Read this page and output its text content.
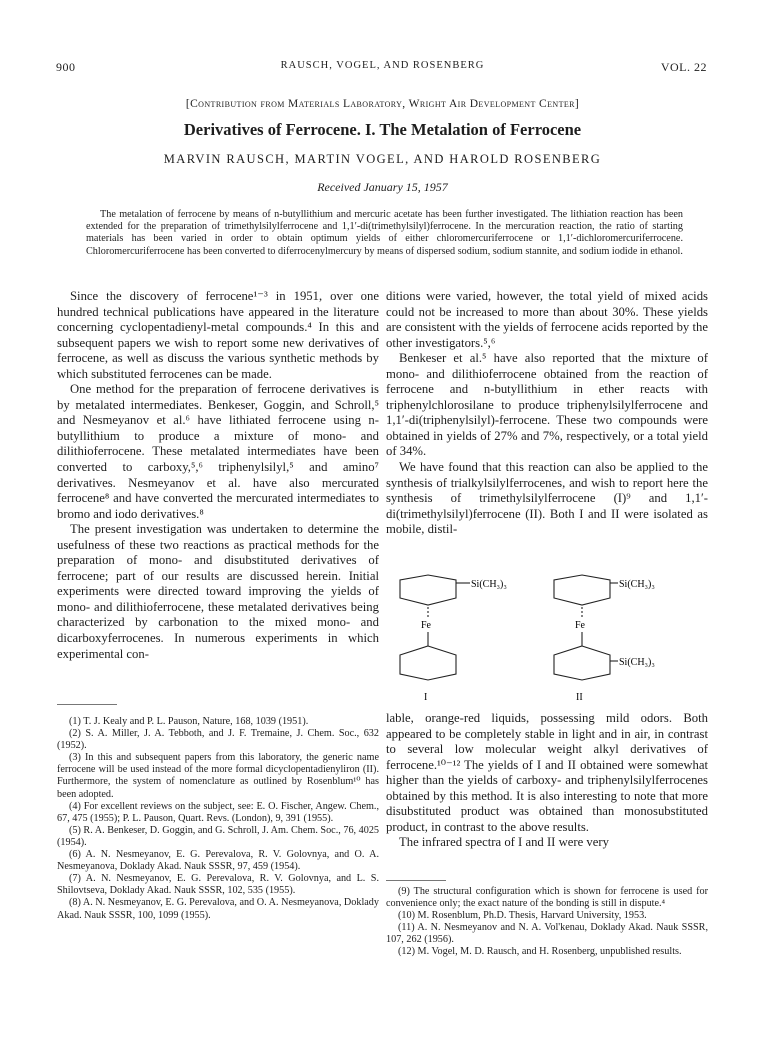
900	RAUSCH, VOGEL, AND ROSENBERG	VOL. 22
[Contribution from Materials Laboratory, Wright Air Development Center]
Derivatives of Ferrocene. I. The Metalation of Ferrocene
MARVIN RAUSCH, MARTIN VOGEL, AND HAROLD ROSENBERG
Received January 15, 1957
The metalation of ferrocene by means of n-butyllithium and mercuric acetate has been further investigated. The lithiation reaction has been extended for the preparation of trimethylsilylferrocene and 1,1′-di(trimethylsilyl)ferrocene. In the mercuration reaction, the ratio of starting materials has been varied in order to obtain optimum yields of either chloromercuriferrocene or 1,1′-dichloromercuriferrocene. Chloromercuriferrocene has been converted to diferrocenylmercury by means of dispersed sodium, sodium stannite, and sodium iodide in ethanol.

Since the discovery of ferrocene¹⁻³ in 1951, over one hundred technical publications have appeared in the literature concerning cyclopentadienyl-metal compounds.⁴ In this and subsequent papers we wish to report some new derivatives of ferrocene, as well as discuss the various synthetic methods by which substituted ferrocenes can be made.

One method for the preparation of ferrocene derivatives is by metalated intermediates. Benkeser, Goggin, and Schroll,⁵ and Nesmeyanov et al.⁶ have lithiated ferrocene using n-butyllithium to produce a mixture of mono- and dilithioferrocene. These metalated intermediates have been converted to carboxy,⁵,⁶ triphenylsilyl,⁵ and amino⁷ derivatives. Nesmeyanov et al. have also mercurated ferrocene⁸ and have converted the mercurated intermediates to bromo and iodo derivatives.⁸

The present investigation was undertaken to determine the usefulness of these two reactions as practical methods for the preparation of mono- and disubstituted derivatives of ferrocene; part of our results are discussed herein. Initial experiments were directed toward improving the yields of mono- and dilithioferrocene, these metalated derivatives being characterized by carbonation to the mixed mono- and dicarboxyferrocenes. In numerous experiments in which experimental con-

(1) T. J. Kealy and P. L. Pauson, Nature, 168, 1039 (1951).

(2) S. A. Miller, J. A. Tebboth, and J. F. Tremaine, J. Chem. Soc., 632 (1952).

(3) In this and subsequent papers from this laboratory, the generic name ferrocene will be used instead of the more formal dicyclopentadienyliron (II). Furthermore, the system of nomenclature as outlined by Rosenblum¹⁰ has been adopted.

(4) For excellent reviews on the subject, see: E. O. Fischer, Angew. Chem., 67, 475 (1955); P. L. Pauson, Quart. Revs. (London), 9, 391 (1955).

(5) R. A. Benkeser, D. Goggin, and G. Schroll, J. Am. Chem. Soc., 76, 4025 (1954).

(6) A. N. Nesmeyanov, E. G. Perevalova, R. V. Golovnya, and O. A. Nesmeyanova, Doklady Akad. Nauk SSSR, 97, 459 (1954).

(7) A. N. Nesmeyanov, E. G. Perevalova, R. V. Golovnya, and L. S. Shilovtseva, Doklady Akad. Nauk SSSR, 102, 535 (1955).

(8) A. N. Nesmeyanov, E. G. Perevalova, and O. A. Nesmeyanova, Doklady Akad. Nauk SSSR, 100, 1099 (1955).

ditions were varied, however, the total yield of mixed acids could not be increased to more than about 30%. These yields are consistent with the yields of ferrocene acids reported by the other investigators.⁵,⁶

Benkeser et al.⁵ have also reported that the mixture of mono- and dilithioferrocene obtained from the reaction of ferrocene and n-butyllithium in ether reacts with triphenylchlorosilane to produce triphenylsilylferrocene and 1,1′-di(triphenylsilyl)-ferrocene. These two compounds were obtained in yields of 27% and 7%, respectively, or a total yield of 34%.

We have found that this reaction can also be applied to the synthesis of trialkylsilylferrocenes, and wish to report here the synthesis of trimethylsilylferrocene (I)⁹ and 1,1′-di(trimethylsilyl)ferrocene (II). Both I and II were isolated as mobile, distil-

Si(CH₃)₃
Fe
I
Si(CH₃)₃
Si(CH₃)₃
Fe
II

lable, orange-red liquids, possessing mild odors. Both appeared to be completely stable in light and in air, in contrast to several low molecular weight alkyl derivatives of ferrocene.¹⁰⁻¹² The yields of I and II obtained were somewhat higher than the yields of carboxy- and triphenylsilylferrocenes obtained by this method. It is also interesting to note that more disubstituted product was obtained than monosubstituted product, in contrast to the above results.

The infrared spectra of I and II were very

(9) The structural configuration which is shown for ferrocene is used for convenience only; the exact nature of the bonding is still in dispute.⁴

(10) M. Rosenblum, Ph.D. Thesis, Harvard University, 1953.

(11) A. N. Nesmeyanov and N. A. Vol'kenau, Doklady Akad. Nauk SSSR, 107, 262 (1956).

(12) M. Vogel, M. D. Rausch, and H. Rosenberg, unpublished results.
